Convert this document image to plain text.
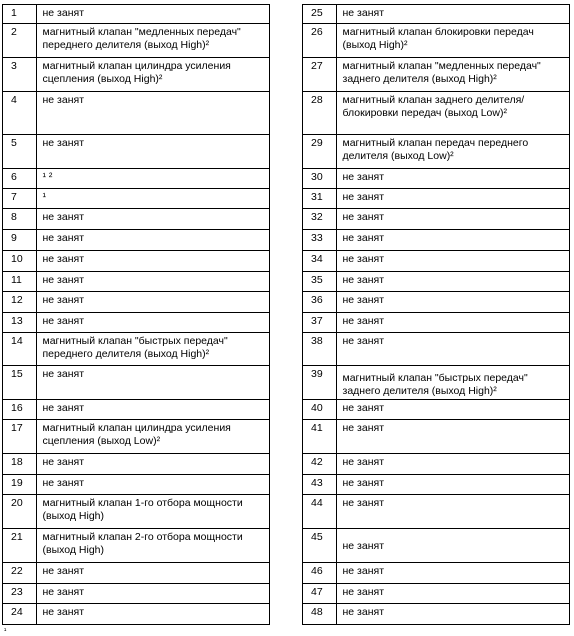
1	не занят
2	магнитный клапан "медленных передач" переднего делителя (выход High)²
3	магнитный клапан цилиндра усиления сцепления (выход High)²
4	не занят
5	не занят
6	¹ ²
7	¹
8	не занят
9	не занят
10	не занят
11	не занят
12	не занят
13	не занят
14	магнитный клапан "быстрых передач" переднего делителя (выход High)²
15	не занят
16	не занят
17	магнитный клапан цилиндра усиления сцепления (выход Low)²
18	не занят
19	не занят
20	магнитный клапан 1-го отбора мощности (выход High)
21	магнитный клапан 2-го отбора мощности (выход High)
22	не занят
23	не занят
24	не занят
25	не занят
26	магнитный клапан блокировки передач (выход High)²
27	магнитный клапан "медленных передач" заднего делителя (выход High)²
28	магнитный клапан заднего делителя/блокировки передач (выход Low)²
29	магнитный клапан передач переднего делителя (выход Low)²
30	не занят
31	не занят
32	не занят
33	не занят
34	не занят
35	не занят
36	не занят
37	не занят
38	не занят
39	магнитный клапан "быстрых передач" заднего делителя (выход High)²
40	не занят
41	не занят
42	не занят
43	не занят
44	не занят
45	не занят
46	не занят
47	не занят
48	не занят
¹
